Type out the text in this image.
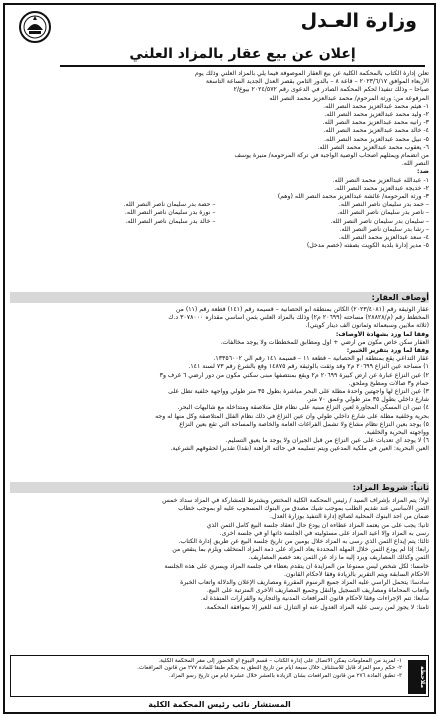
وزارة العـدل
إعلان عن بيع عقار بالمزاد العلني
تعلن إدارة الكتاب بالمحكمة الكلية عن بيع العقار الموصوفة فيما يلي بالمزاد العلني وذلك يوم
الأربعاء الموافق ٢٠٢٣/٦/١٧ – قاعة ٨ – بالدور الثامن بقصر العدل الجديد الساعة التاسعة
صباحاً – وذلك تنفيذاً لحكم المحكمة الصادر في الدعوى رقم ٢٠٢٤/٥٧٢ بيوع/٢
المرفوعة من: ورثة المرحوم/ محمد عبدالعزيز محمد النصر الله
١- هيثم محمد عبدالعزيز محمد النصر الله.
٢- وليد محمد عبدالعزيز محمد النصر الله.
٣- رانيه محمد عبدالعزيز محمد النصر الله.
٤- خالد محمد عبدالعزيز محمد النصر الله.
٥- نبيل محمد عبدالعزيز محمد النصر الله.
٦- يعقوب محمد عبدالعزيز محمد النصر الله.
من انضمام ويمثلهم أصحاب الوصية الواجبة في تركة المرحومة/ منيرة يوسف
النصر الله.
ضد:
١- عبدالله عبدالعزيز محمد النصر الله.
٢- خديجة عبدالعزيز محمد النصر الله.
٣- ورثة المرحومة/ عائشة عبدالعزيز محمد النصر الله (وهم)
– حمد بدر سليمان ناصر النصر الله.
– حصة بدر سليمان ناصر النصر الله.
– ناصر بدر سليمان ناصر النصر الله.
– نورة بدر سليمان ناصر النصر الله.
– سليمان بدر سليمان ناصر النصر الله.
– خالد بدر سليمان ناصر النصر الله.
– رشا بدر سليمان ناصر النصر الله.
٤- سعد عبدالعزيز محمد النصر الله.
٥- مدير إدارة بلدية الكويت بصفته (خصم مدخل)
أوصاف العقار:
عقار الوثيقة رقم (٢٠٢٣/٤٠٨١) الكائن بمنطقة أبو الحصانية – قسيمة رقم (١٤١) قطعة رقم (١١) من
المخطط رقم (م/٢٨٨٢٨) مساحته (٢٠٦٩٩ م٢) وذلك بالمزاد العلني بثمن أساسي مقداره ٣٠٧٨٠٠٠ د.ك
(ثلاثة ملايين وسبعمائة وثمانون ألف دينار كويتي).
وفقاً لما ورد بشهادة الأوصاف:
العقار سكن خاص مكون من أرضي + أول ومطابق للمخططات ولا يوجد مخالفات.
وفقاً لما ورد بتقرير الخبير:
عقار التداعي يقع بمنطقة أبو الحصانية – قطعة ١١ – قسيمة ١٤١ رقم آلي ١٣٣٥٦٠٠٢.
١) مساحة عين النزاع ٢٠٦٩٩ م٢ وقد وثقت بالوثيقة رقم ١٤٨٧٥ وقع بالشرع رقم ٧٣ لسنة ١٤١.
٢) عين النزاع عبارة عن أرض كبيرة ٢٠٦٩٩ م٢ ويقع بمنتصفها مبنى سكني مكون من دور أرضي ٦ غرف و٣
حمام و٣ صالات ومطبخ وملحق.
٣) عين النزاع لها واجهتين واحدة مطلة على البحر مباشرة بطول ٣٥ متر طولي وواجهة خلفية تطل على
شارع داخلي بطول ٣٥ متر طولي وعمق ٧٠ متر.
٤) تبين أن المسكن المجاورة لعين النزاع مبنية على نظام فلل متلاصقة ومتداخلة مع شاليهات البحر.
بحرية وخلفية مطلة على شارع داخلي طولي وأن عين النزاع في ذلك نظام الفلل المتلاصقة وكل منها له وجه
٥) يوجد بعين النزاع نظام مشاع ولا تشمل الفراغات العامة والخاصة والمساحة التي تقع بعين النزاع
وواجهته البحرية والخلفية.
٦) لا يوجد أي تعديات على عين النزاع من قبل الجيران ولا يوجد ما يعيق التسليم.
العين البحرية: العين في ملكية المدعين ويتم تسليمه في حالته الراهنة (نقداً) تقديراً لحقوقهم الشرعية.
ثانياً: شروط المزاد:
أولاً: يتم المزاد بإشراف السيد / رئيس المحكمة الكلية المختص ويشترط للمشاركة في المزاد سداد خمس
الثمن الأساسي عند تقديم الطلب بموجب شيك مصدق من البنوك المسحوب عليه أو بموجب خطاب
ضمان من أحد البنوك المحلية لصالح إدارة التنفيذ بوزارة العدل.
ثانياً: يجب على من يعتمد المزاد عطاءه أن يودع حال انعقاد جلسة البيع كامل الثمن الذي
رسى به المزاد وإلا أعيد المزاد على مسئوليته في الجلسة ذاتها أو في جلسة أخرى.
ثالثاً: يتم إيداع الثمن الذي رسى به المزاد خلال يومين من تاريخ جلسة البيع عن طريق إدارة الكتاب.
رابعاً: إذا لم يودع الثمن خلال المهلة المحددة يعاد المزاد على ذمة المزاد المتخلف ويلزم بما ينقص من
الثمن وكذلك المصاريف ويرد إليه ما زاد عن الثمن بعد خصم المصاريف.
خامساً: لكل شخص ليس ممنوعاً من المزايدة أن يتقدم بعطاء في جلسة المزاد ويسري على هذه الجلسة
الأحكام السابقة ويتم التقرير بالزيادة وفقاً لأحكام القانون.
سادساً: يتحمل الراسي عليه المزاد جميع الرسوم المقررة ومصاريف الإعلان والدلالة وأتعاب الخبرة
وأتعاب المحاماة ومصاريف التسجيل والنقل وجميع المصاريف الأخرى المترتبة على البيع.
سابعاً: تتم الإجراءات وفقاً لأحكام قانون المرافعات المدنية والتجارية والقرارات المنفذة له.
ثامناً: لا يجوز لمن رسى عليه المزاد العدول عنه أو التنازل عنه للغير إلا بموافقة المحكمة.
ملاحظة
١- لمزيد من المعلومات يمكن الاتصال على إدارة الكتاب – قسم البيوع أو الحضور إلى مقر المحكمة الكلية.
٢- حكم رسو المزاد قابل للاستئناف خلال سبعة أيام من تاريخ النطق به بحكم طبقاً للمادة ٢٧٧ من قانون المرافعات.
٣- تطبق المادة ٢٧٦ من قانون المرافعات بشأن الزيادة بالعشر خلال عشرة أيام من تاريخ رسو المزاد.
المستشار نائب رئيس المحكمة الكلية
